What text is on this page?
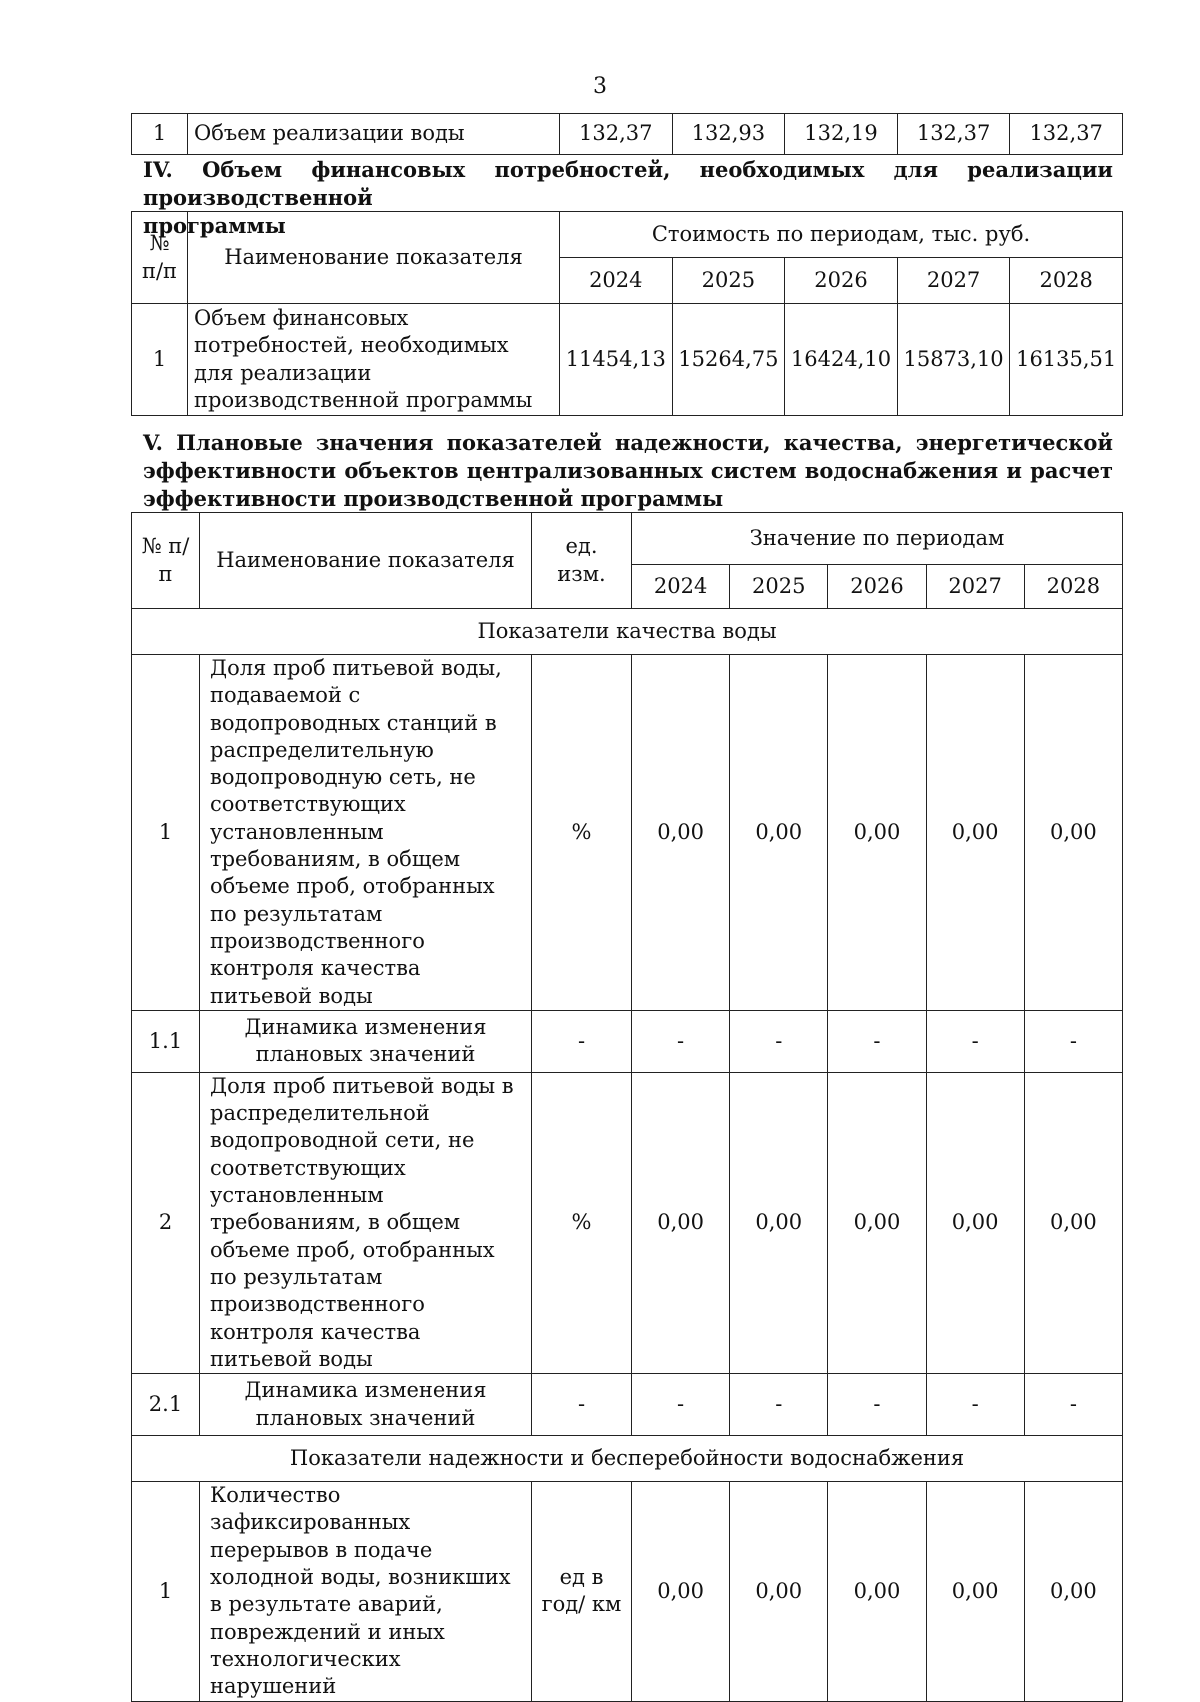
3
1	Объем реализации воды	132,37	132,93	132,19	132,37	132,37
IV. Объем финансовых потребностей, необходимых для реализации производственной
программы
№ п/п	Наименование показателя	Стоимость по периодам, тыс. руб.				
		2024	2025	2026	2027	2028
1	Объем финансовых потребностей, необходимых для реализации производственной программы	11454,13	15264,75	16424,10	15873,10	16135,51
V. Плановые значения показателей надежности, качества, энергетической
эффективности объектов централизованных систем водоснабжения и расчет
эффективности производственной программы
№ п/п	Наименование показателя	ед. изм.	Значение по периодам				
			2024	2025	2026	2027	2028
Показатели качества воды							
1	Доля проб питьевой воды, подаваемой с водопроводных станций в распределительную водопроводную сеть, не соответствующих установленным требованиям, в общем объеме проб, отобранных по результатам производственного контроля качества питьевой воды	%	0,00	0,00	0,00	0,00	0,00
1.1	Динамика изменения плановых значений	-	-	-	-	-	-
2	Доля проб питьевой воды в распределительной водопроводной сети, не соответствующих установленным требованиям, в общем объеме проб, отобранных по результатам производственного контроля качества питьевой воды	%	0,00	0,00	0,00	0,00	0,00
2.1	Динамика изменения плановых значений	-	-	-	-	-	-
Показатели надежности и бесперебойности водоснабжения							
1	Количество зафиксированных перерывов в подаче холодной воды, возникших в результате аварий, повреждений и иных технологических нарушений	ед в год/ км	0,00	0,00	0,00	0,00	0,00
